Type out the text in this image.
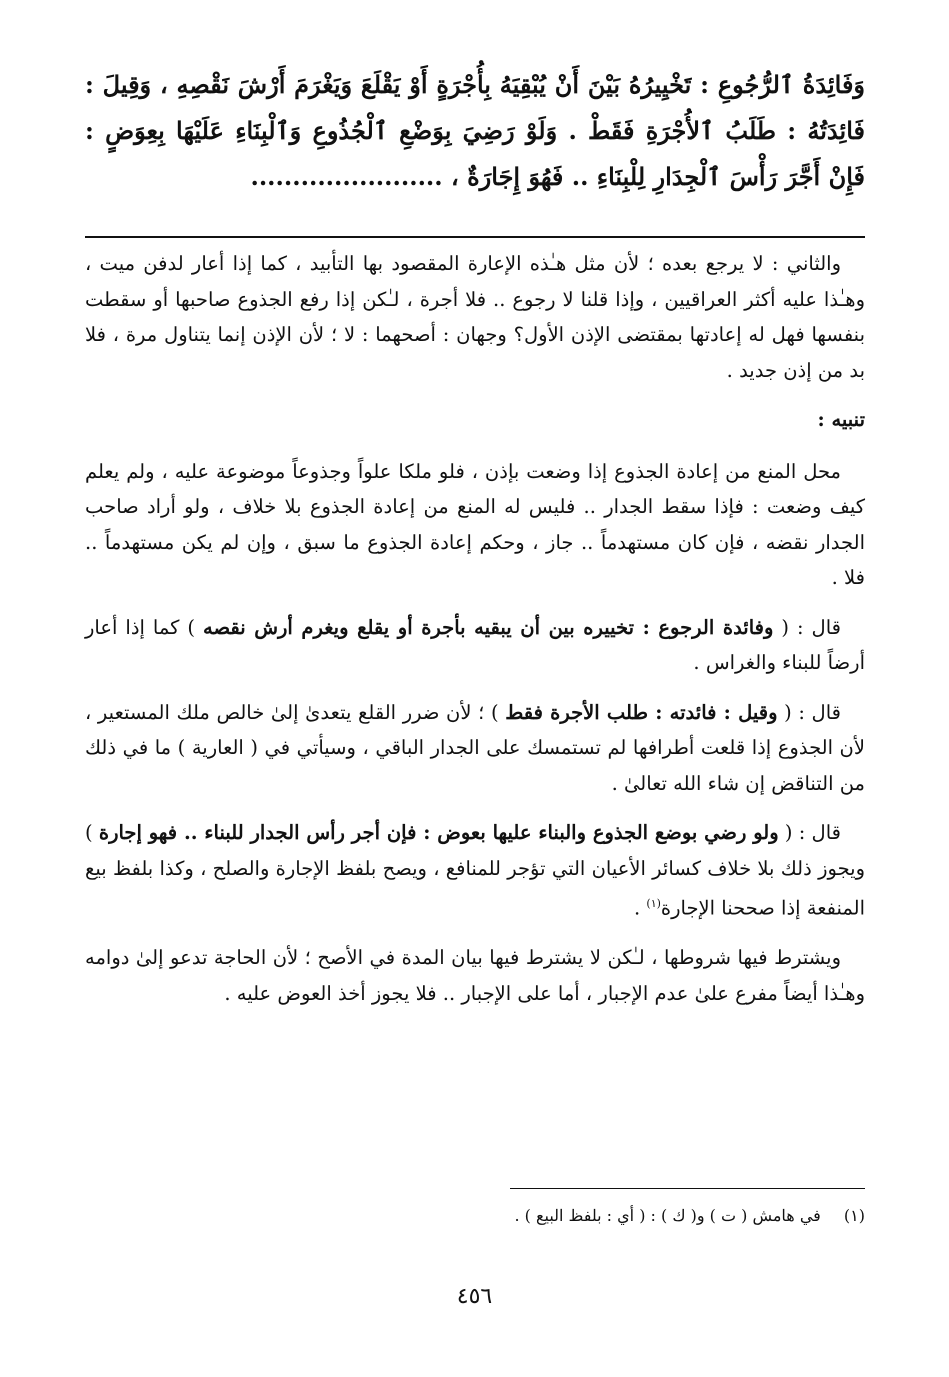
وَفَائِدَةُ ٱلرُّجُوعِ : تَخْيِيرُهُ بَيْنَ أَنْ يُبْقِيَهُ بِأُجْرَةٍ أَوْ يَقْلَعَ وَيَغْرَمَ أَرْشَ نَقْصِهِ ، وَقِيلَ : فَائِدَتُهُ : طَلَبُ ٱلأُجْرَةِ فَقَطْ . وَلَوْ رَضِيَ بِوَضْعِ ٱلْجُذُوعِ وَٱلْبِنَاءِ عَلَيْهَا بِعِوَضٍ : فَإِنْ أَجَّرَ رَأْسَ ٱلْجِدَارِ لِلْبِنَاءِ .. فَهُوَ إِجَارَةٌ ، .......................

والثاني : لا يرجع بعده ؛ لأن مثل هـٰذه الإعارة المقصود بها التأبيد ، كما إذا أعار لدفن ميت ، وهـٰذا عليه أكثر العراقيين ، وإذا قلنا لا رجوع .. فلا أجرة ، لـٰكن إذا رفع الجذوع صاحبها أو سقطت بنفسها فهل له إعادتها بمقتضى الإذن الأول؟ وجهان : أصحهما : لا ؛ لأن الإذن إنما يتناول مرة ، فلا بد من إذن جديد .

تنبيه :

محل المنع من إعادة الجذوع إذا وضعت بإذن ، فلو ملكا علواً وجذوعاً موضوعة عليه ، ولم يعلم كيف وضعت : فإذا سقط الجدار .. فليس له المنع من إعادة الجذوع بلا خلاف ، ولو أراد صاحب الجدار نقضه ، فإن كان مستهدماً .. جاز ، وحكم إعادة الجذوع ما سبق ، وإن لم يكن مستهدماً .. فلا .

قال : ( وفائدة الرجوع : تخييره بين أن يبقيه بأجرة أو يقلع ويغرم أرش نقصه ) كما إذا أعار أرضاً للبناء والغراس .

قال : ( وقيل : فائدته : طلب الأجرة فقط ) ؛ لأن ضرر القلع يتعدىٰ إلىٰ خالص ملك المستعير ، لأن الجذوع إذا قلعت أطرافها لم تستمسك على الجدار الباقي ، وسيأتي في ( العارية ) ما في ذلك من التناقض إن شاء الله تعالىٰ .

قال : ( ولو رضي بوضع الجذوع والبناء عليها بعوض : فإن أجر رأس الجدار للبناء .. فهو إجارة ) ويجوز ذلك بلا خلاف كسائر الأعيان التي تؤجر للمنافع ، ويصح بلفظ الإجارة والصلح ، وكذا بلفظ بيع المنفعة إذا صححنا الإجارة$^{(١)}$ .

ويشترط فيها شروطها ، لـٰكن لا يشترط فيها بيان المدة في الأصح ؛ لأن الحاجة تدعو إلىٰ دوامه وهـٰذا أيضاً مفرع علىٰ عدم الإجبار ، أما على الإجبار .. فلا يجوز أخذ العوض عليه .

(١) في هامش ( ت ) و( ك ) : ( أي : بلفظ البيع ) .
٤٥٦
